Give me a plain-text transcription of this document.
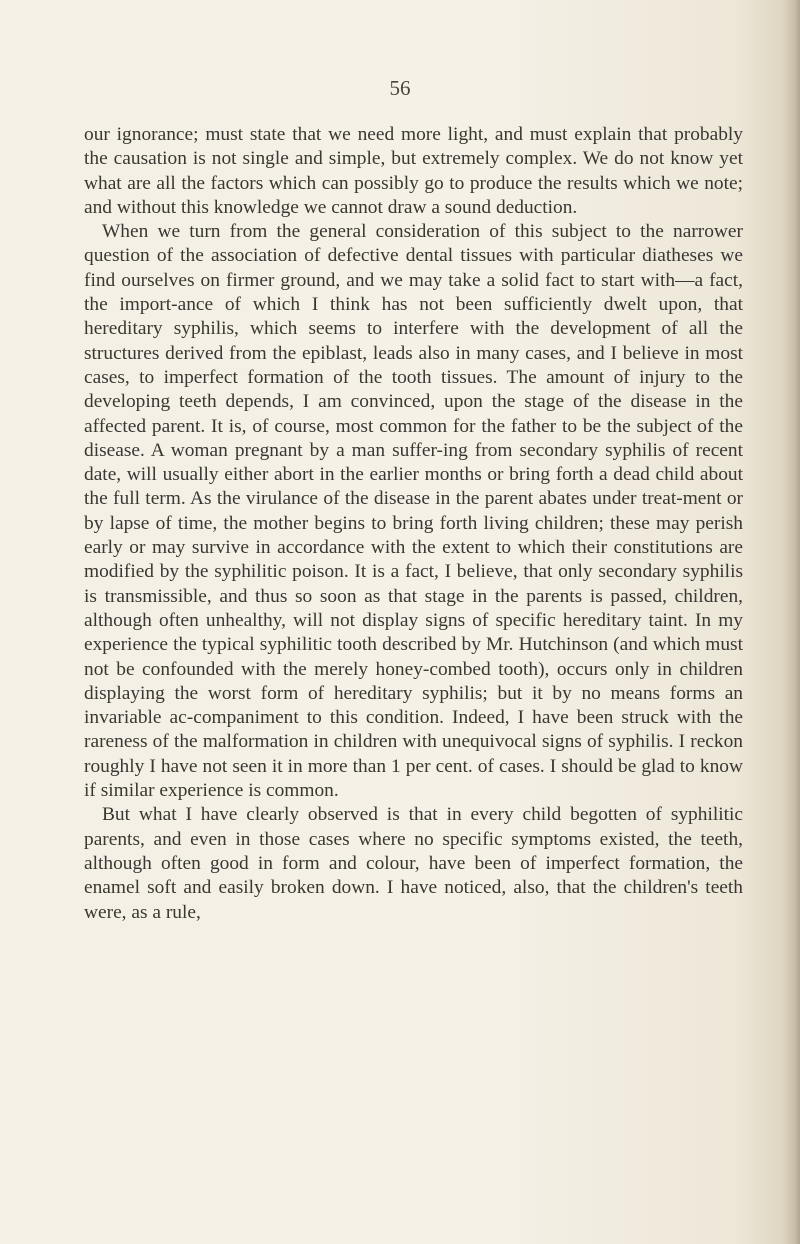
56

our ignorance; must state that we need more light, and must explain that probably the causation is not single and simple, but extremely complex. We do not know yet what are all the factors which can possibly go to produce the results which we note; and without this knowledge we cannot draw a sound deduction.

When we turn from the general consideration of this subject to the narrower question of the association of defective dental tissues with particular diatheses we find ourselves on firmer ground, and we may take a solid fact to start with—a fact, the import-ance of which I think has not been sufficiently dwelt upon, that hereditary syphilis, which seems to interfere with the development of all the structures derived from the epiblast, leads also in many cases, and I believe in most cases, to imperfect formation of the tooth tissues. The amount of injury to the developing teeth depends, I am convinced, upon the stage of the disease in the affected parent. It is, of course, most common for the father to be the subject of the disease. A woman pregnant by a man suffer-ing from secondary syphilis of recent date, will usually either abort in the earlier months or bring forth a dead child about the full term. As the virulance of the disease in the parent abates under treat-ment or by lapse of time, the mother begins to bring forth living children; these may perish early or may survive in accordance with the extent to which their constitutions are modified by the syphilitic poison. It is a fact, I believe, that only secondary syphilis is transmissible, and thus so soon as that stage in the parents is passed, children, although often unhealthy, will not display signs of specific hereditary taint. In my experience the typical syphilitic tooth described by Mr. Hutchinson (and which must not be confounded with the merely honey-combed tooth), occurs only in children displaying the worst form of hereditary syphilis; but it by no means forms an invariable ac-companiment to this condition. Indeed, I have been struck with the rareness of the malformation in children with unequivocal signs of syphilis. I reckon roughly I have not seen it in more than 1 per cent. of cases. I should be glad to know if similar experience is common.

But what I have clearly observed is that in every child begotten of syphilitic parents, and even in those cases where no specific symptoms existed, the teeth, although often good in form and colour, have been of imperfect formation, the enamel soft and easily broken down. I have noticed, also, that the children's teeth were, as a rule,
